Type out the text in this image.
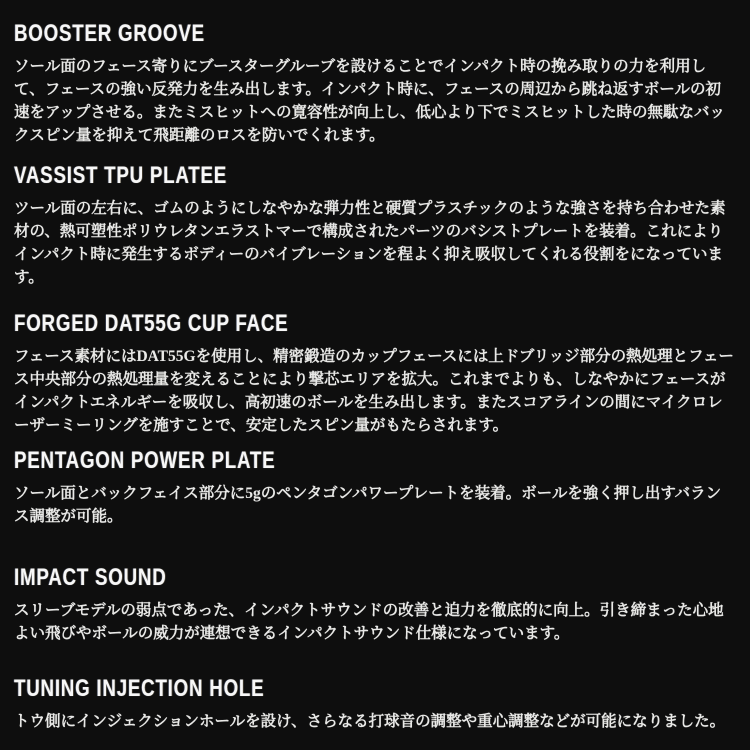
BOOSTER GROOVE

ソール面のフェース寄りにブースターグルーブを設けることでインパクト時の挽み取りの力を利用して、フェースの強い反発力を生み出します。インパクト時に、フェースの周辺から跳ね返すボールの初速をアップさせる。またミスヒットへの寛容性が向上し、低心より下でミスヒットした時の無駄なバックスピン量を抑えて飛距離のロスを防いでくれます。

VASSIST TPU PLATEE

ツール面の左右に、ゴムのようにしなやかな弾力性と硬質プラスチックのような強さを持ち合わせた素材の、熱可塑性ポリウレタンエラストマーで構成されたパーツのバシストプレートを装着。これによりインパクト時に発生するボディーのバイブレーションを程よく抑え吸収してくれる役割をになっています。

FORGED DAT55G CUP FACE

フェース素材にはDAT55Gを使用し、精密鍛造のカップフェースには上ドブリッジ部分の熱処理とフェース中央部分の熱処理量を変えることにより撃芯エリアを拡大。これまでよりも、しなやかにフェースがインパクトエネルギーを吸収し、高初速のボールを生み出します。またスコアラインの間にマイクロレーザーミーリングを施すことで、安定したスピン量がもたらされます。

PENTAGON POWER PLATE

ソール面とバックフェイス部分に5gのペンタゴンパワープレートを装着。ボールを強く押し出すバランス調整が可能。

IMPACT SOUND

スリーブモデルの弱点であった、インパクトサウンドの改善と迫力を徹底的に向上。引き締まった心地よい飛びやボールの威力が連想できるインパクトサウンド仕様になっています。

TUNING INJECTION HOLE

トウ側にインジェクションホールを設け、さらなる打球音の調整や重心調整などが可能になりました。
